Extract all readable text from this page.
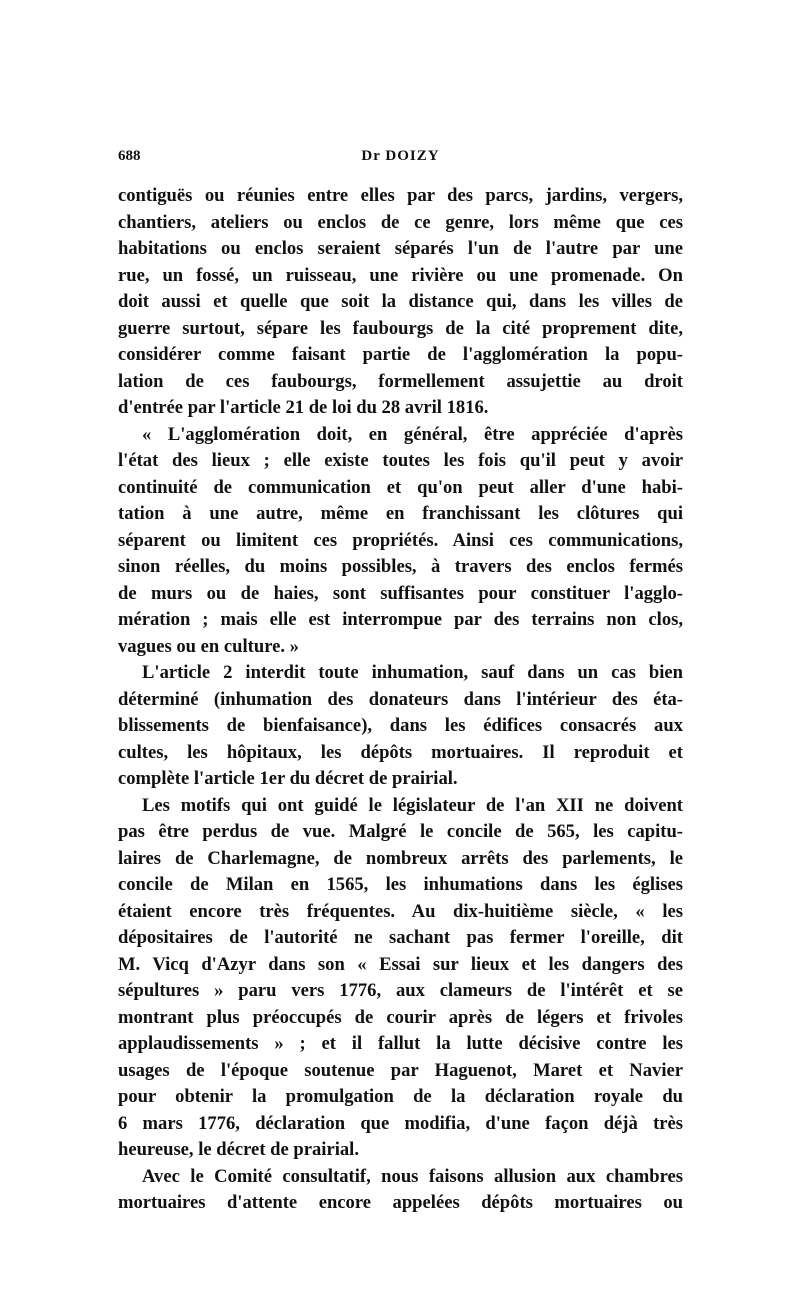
688	Dr DOIZY
contiguës ou réunies entre elles par des parcs, jardins, vergers,
chantiers, ateliers ou enclos de ce genre, lors même que ces
habitations ou enclos seraient séparés l'un de l'autre par une
rue, un fossé, un ruisseau, une rivière ou une promenade. On
doit aussi et quelle que soit la distance qui, dans les villes de
guerre surtout, sépare les faubourgs de la cité proprement dite,
considérer comme faisant partie de l'agglomération la popu-
lation de ces faubourgs, formellement assujettie au droit
d'entrée par l'article 21 de loi du 28 avril 1816.
« L'agglomération doit, en général, être appréciée d'après
l'état des lieux ; elle existe toutes les fois qu'il peut y avoir
continuité de communication et qu'on peut aller d'une habi-
tation à une autre, même en franchissant les clôtures qui
séparent ou limitent ces propriétés. Ainsi ces communications,
sinon réelles, du moins possibles, à travers des enclos fermés
de murs ou de haies, sont suffisantes pour constituer l'agglo-
mération ; mais elle est interrompue par des terrains non clos,
vagues ou en culture. »
L'article 2 interdit toute inhumation, sauf dans un cas bien
déterminé (inhumation des donateurs dans l'intérieur des éta-
blissements de bienfaisance), dans les édifices consacrés aux
cultes, les hôpitaux, les dépôts mortuaires. Il reproduit et
complète l'article 1er du décret de prairial.
Les motifs qui ont guidé le législateur de l'an XII ne doivent
pas être perdus de vue. Malgré le concile de 565, les capitu-
laires de Charlemagne, de nombreux arrêts des parlements, le
concile de Milan en 1565, les inhumations dans les églises
étaient encore très fréquentes. Au dix-huitième siècle, « les
dépositaires de l'autorité ne sachant pas fermer l'oreille, dit
M. Vicq d'Azyr dans son « Essai sur lieux et les dangers des
sépultures » paru vers 1776, aux clameurs de l'intérêt et se
montrant plus préoccupés de courir après de légers et frivoles
applaudissements » ; et il fallut la lutte décisive contre les
usages de l'époque soutenue par Haguenot, Maret et Navier
pour obtenir la promulgation de la déclaration royale du
6 mars 1776, déclaration que modifia, d'une façon déjà très
heureuse, le décret de prairial.
Avec le Comité consultatif, nous faisons allusion aux chambres
mortuaires d'attente encore appelées dépôts mortuaires ou
